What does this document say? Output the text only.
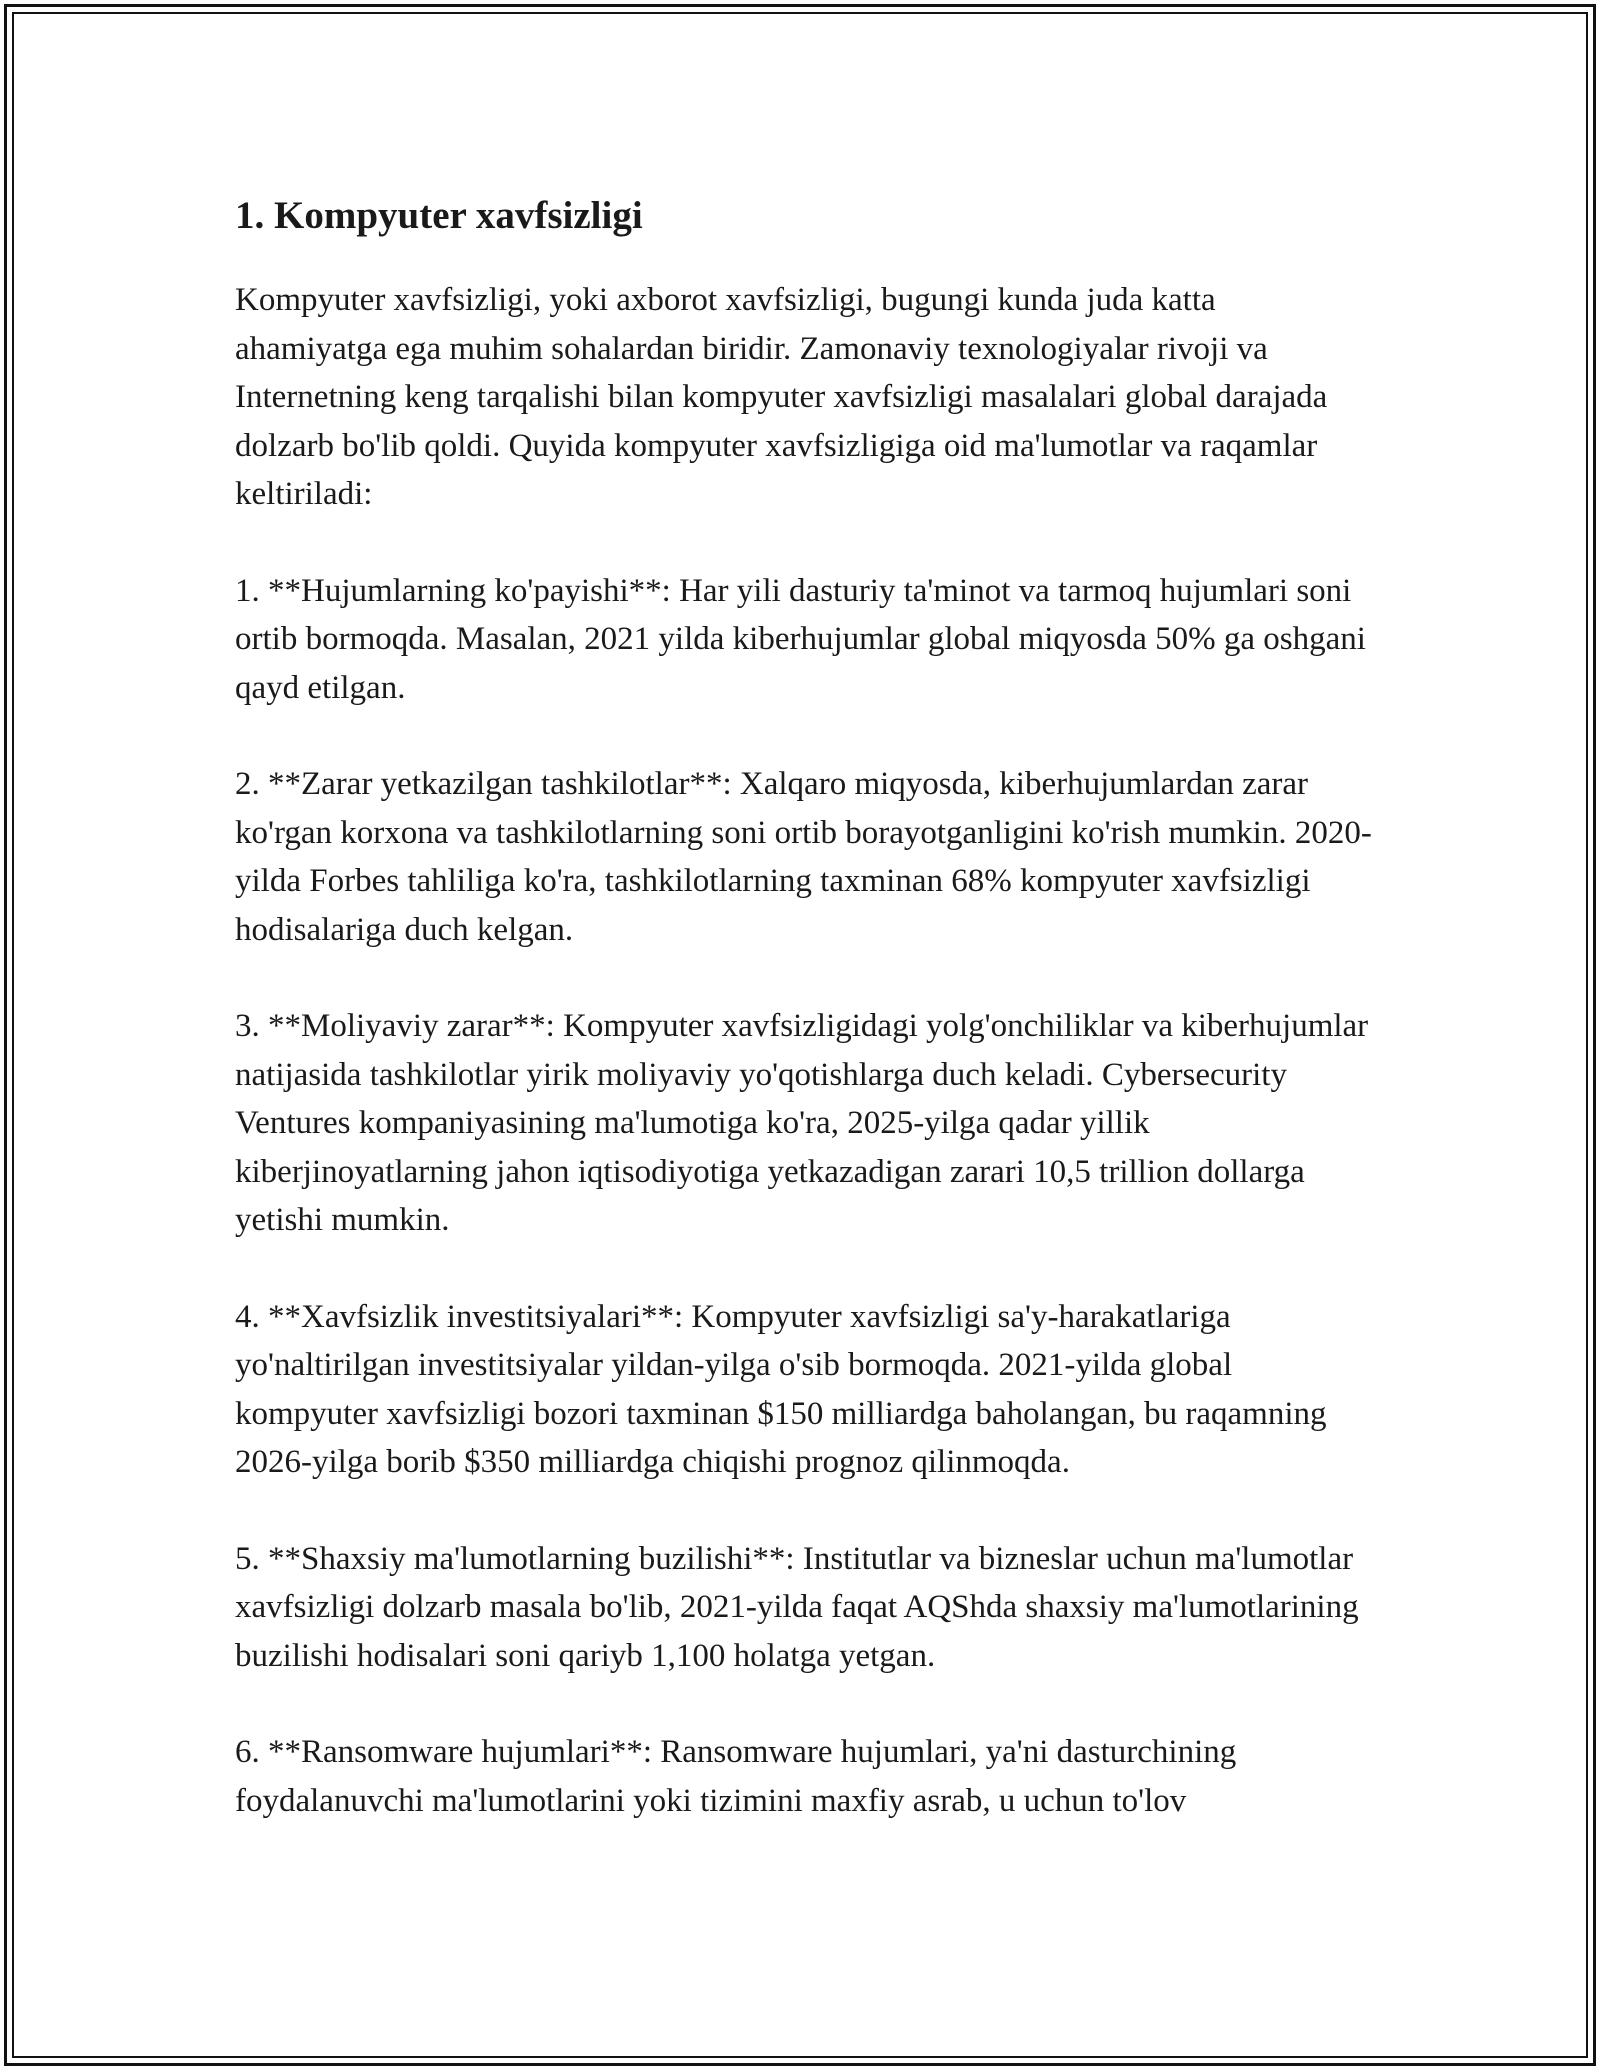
1. Kompyuter xavfsizligi

Kompyuter xavfsizligi, yoki axborot xavfsizligi, bugungi kunda juda katta ahamiyatga ega muhim sohalardan biridir. Zamonaviy texnologiyalar rivoji va Internetning keng tarqalishi bilan kompyuter xavfsizligi masalalari global darajada dolzarb bo'lib qoldi. Quyida kompyuter xavfsizligiga oid ma'lumotlar va raqamlar keltiriladi:

1. **Hujumlarning ko'payishi**: Har yili dasturiy ta'minot va tarmoq hujumlari soni ortib bormoqda. Masalan, 2021 yilda kiberhujumlar global miqyosda 50% ga oshgani qayd etilgan.

2. **Zarar yetkazilgan tashkilotlar**: Xalqaro miqyosda, kiberhujumlardan zarar ko'rgan korxona va tashkilotlarning soni ortib borayotganligini ko'rish mumkin. 2020-yilda Forbes tahliliga ko'ra, tashkilotlarning taxminan 68% kompyuter xavfsizligi hodisalariga duch kelgan.

3. **Moliyaviy zarar**: Kompyuter xavfsizligidagi yolg'onchiliklar va kiberhujumlar natijasida tashkilotlar yirik moliyaviy yo'qotishlarga duch keladi. Cybersecurity Ventures kompaniyasining ma'lumotiga ko'ra, 2025-yilga qadar yillik kiberjinoyatlarning jahon iqtisodiyotiga yetkazadigan zarari 10,5 trillion dollarga yetishi mumkin.

4. **Xavfsizlik investitsiyalari**: Kompyuter xavfsizligi sa'y-harakatlariga yo'naltirilgan investitsiyalar yildan-yilga o'sib bormoqda. 2021-yilda global kompyuter xavfsizligi bozori taxminan $150 milliardga baholangan, bu raqamning 2026-yilga borib $350 milliardga chiqishi prognoz qilinmoqda.

5. **Shaxsiy ma'lumotlarning buzilishi**: Institutlar va bizneslar uchun ma'lumotlar xavfsizligi dolzarb masala bo'lib, 2021-yilda faqat AQShda shaxsiy ma'lumotlarining buzilishi hodisalari soni qariyb 1,100 holatga yetgan.

6. **Ransomware hujumlari**: Ransomware hujumlari, ya'ni dasturchining foydalanuvchi ma'lumotlarini yoki tizimini maxfiy asrab, u uchun to'lov
